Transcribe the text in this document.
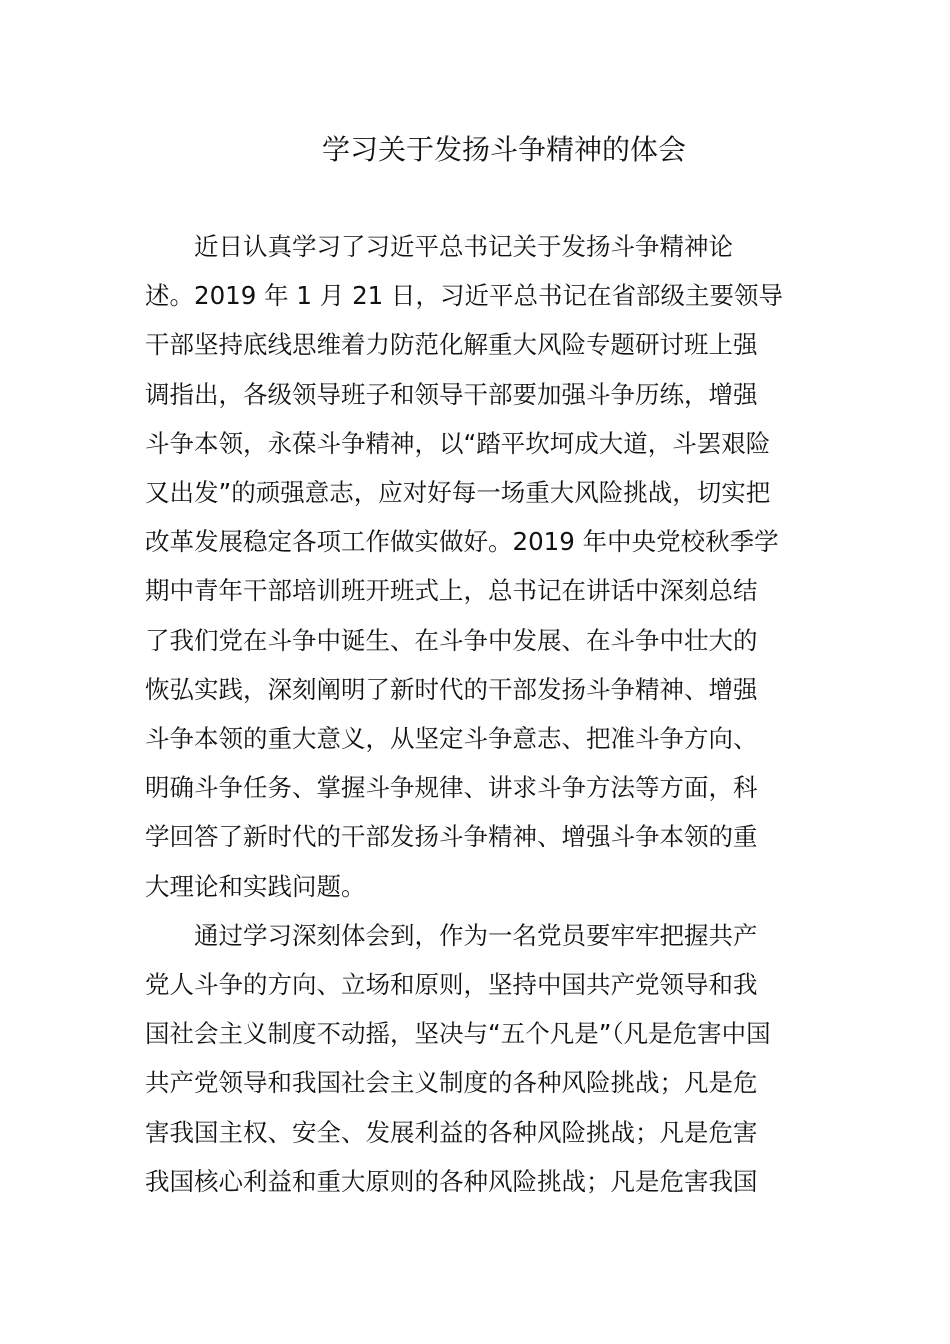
学习关于发扬斗争精神的体会

近日认真学习了习近平总书记关于发扬斗争精神论
述。2019 年 1 月 21 日，习近平总书记在省部级主要领导
干部坚持底线思维着力防范化解重大风险专题研讨班上强
调指出，各级领导班子和领导干部要加强斗争历练，增强
斗争本领，永葆斗争精神，以“踏平坎坷成大道，斗罢艰险
又出发”的顽强意志，应对好每一场重大风险挑战，切实把
改革发展稳定各项工作做实做好。2019 年中央党校秋季学
期中青年干部培训班开班式上，总书记在讲话中深刻总结
了我们党在斗争中诞生、在斗争中发展、在斗争中壮大的
恢弘实践，深刻阐明了新时代的干部发扬斗争精神、增强
斗争本领的重大意义，从坚定斗争意志、把准斗争方向、
明确斗争任务、掌握斗争规律、讲求斗争方法等方面，科
学回答了新时代的干部发扬斗争精神、增强斗争本领的重
大理论和实践问题。

通过学习深刻体会到，作为一名党员要牢牢把握共产
党人斗争的方向、立场和原则，坚持中国共产党领导和我
国社会主义制度不动摇，坚决与“五个凡是”（凡是危害中国
共产党领导和我国社会主义制度的各种风险挑战；凡是危
害我国主权、安全、发展利益的各种风险挑战；凡是危害
我国核心利益和重大原则的各种风险挑战；凡是危害我国
